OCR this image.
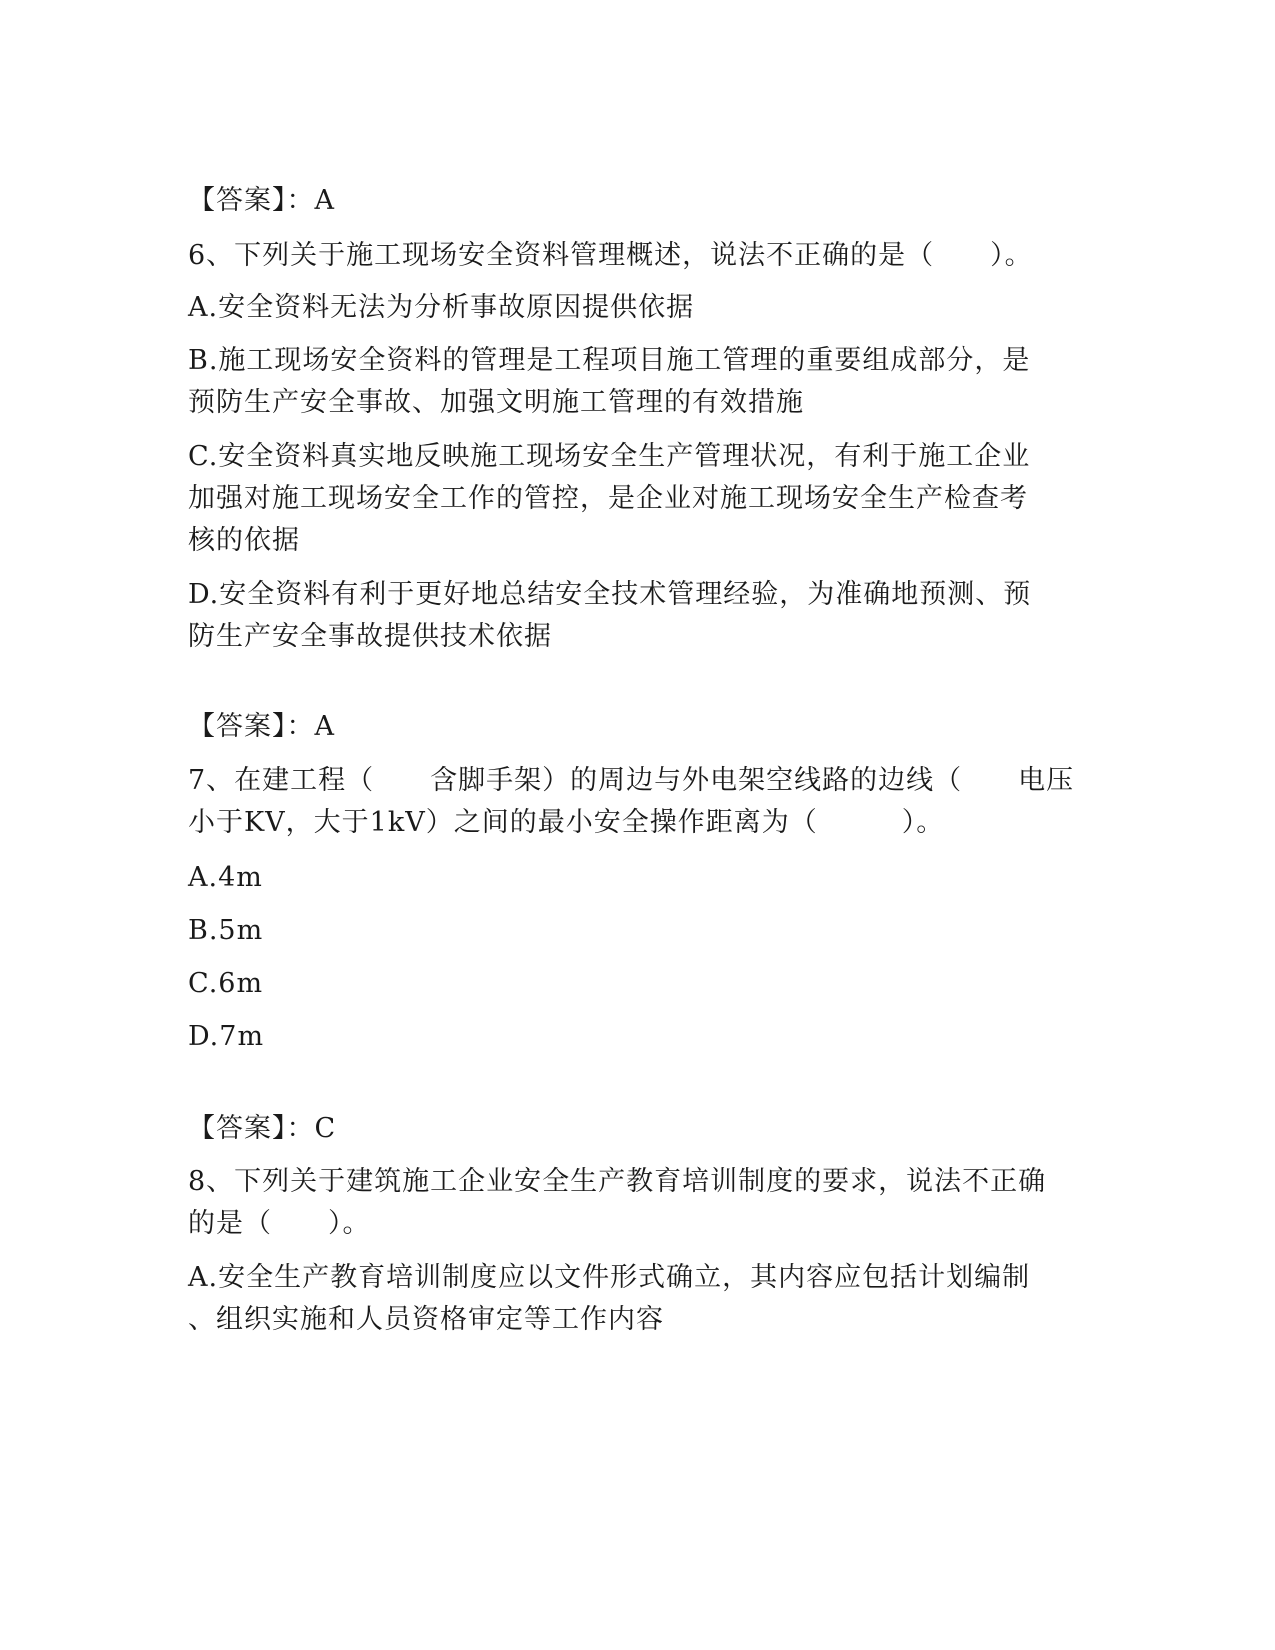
【答案】：A
6、下列关于施工现场安全资料管理概述，说法不正确的是（　　）。
A.安全资料无法为分析事故原因提供依据
B.施工现场安全资料的管理是工程项目施工管理的重要组成部分，是
预防生产安全事故、加强文明施工管理的有效措施
C.安全资料真实地反映施工现场安全生产管理状况，有利于施工企业
加强对施工现场安全工作的管控，是企业对施工现场安全生产检查考
核的依据
D.安全资料有利于更好地总结安全技术管理经验，为准确地预测、预
防生产安全事故提供技术依据
【答案】：A
7、在建工程（　　含脚手架）的周边与外电架空线路的边线（　　电压
小于KV，大于1kV）之间的最小安全操作距离为（　　　）。
A.4m
B.5m
C.6m
D.7m
【答案】：C
8、下列关于建筑施工企业安全生产教育培训制度的要求，说法不正确
的是（　　）。
A.安全生产教育培训制度应以文件形式确立，其内容应包括计划编制
、组织实施和人员资格审定等工作内容
